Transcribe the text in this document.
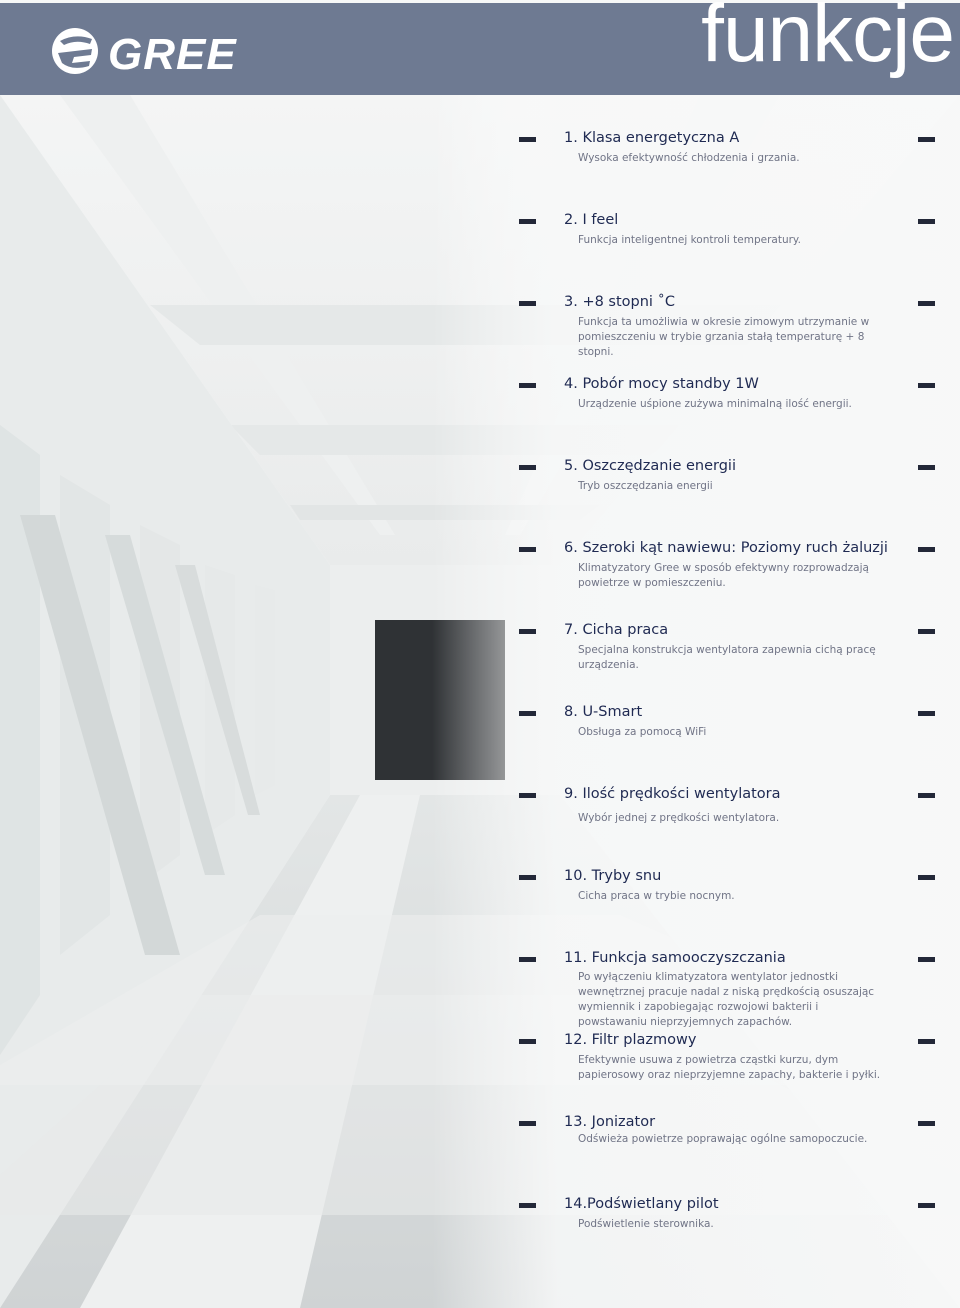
GREE	funkcje
1. Klasa energetyczna A
Wysoka efektywność chłodzenia i grzania.
2. I feel
Funkcja inteligentnej kontroli temperatury.
3. +8 stopni ˚C
Funkcja ta umożliwia w okresie zimowym utrzymanie w pomieszczeniu w trybie grzania stałą temperaturę + 8 stopni.
4. Pobór mocy standby 1W
Urządzenie uśpione zużywa minimalną ilość energii.
5. Oszczędzanie energii
Tryb oszczędzania energii
6. Szeroki kąt nawiewu: Poziomy ruch żaluzji
Klimatyzatory Gree w sposób efektywny rozprowadzają powietrze w pomieszczeniu.
7. Cicha praca
Specjalna konstrukcja wentylatora zapewnia cichą pracę urządzenia.
8. U-Smart
Obsługa za pomocą WiFi
9. Ilość prędkości wentylatora
Wybór jednej z prędkości wentylatora.
10. Tryby snu
Cicha praca w trybie nocnym.
11. Funkcja samooczyszczania
Po wyłączeniu klimatyzatora wentylator jednostki wewnętrznej pracuje nadal z niską prędkością osuszając wymiennik i zapobiegając rozwojowi bakterii i powstawaniu nieprzyjemnych zapachów.
12. Filtr plazmowy
Efektywnie usuwa z powietrza cząstki kurzu, dym papierosowy oraz nieprzyjemne zapachy, bakterie i pyłki.
13. Jonizator
Odświeża powietrze poprawając ogólne samopoczucie.
14.Podświetlany pilot
Podświetlenie sterownika.
